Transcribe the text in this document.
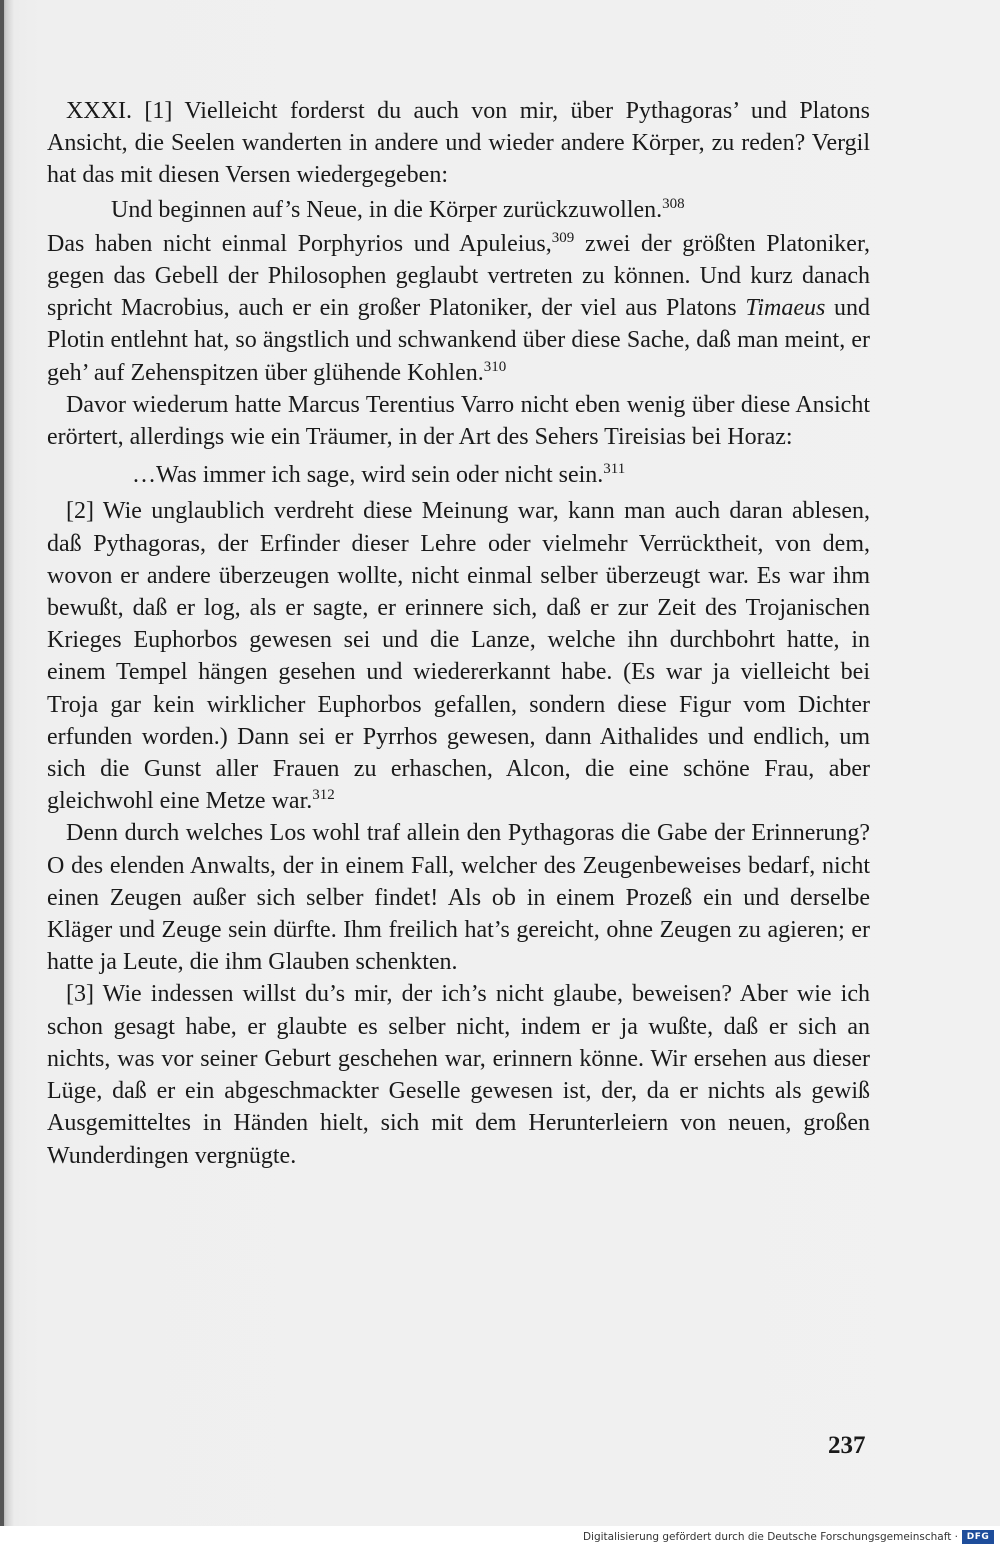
XXXI. [1] Vielleicht forderst du auch von mir, über Pythagoras’ und Platons Ansicht, die Seelen wanderten in andere und wieder andere Körper, zu reden? Vergil hat das mit diesen Versen wiedergegeben:

Und beginnen auf’s Neue, in die Körper zurückzuwollen.$^{308}$

Das haben nicht einmal Porphyrios und Apuleius,$^{309}$ zwei der größten Platoniker, gegen das Gebell der Philosophen geglaubt vertreten zu können. Und kurz danach spricht Macrobius, auch er ein großer Platoniker, der viel aus Platons Timaeus und Plotin entlehnt hat, so ängstlich und schwankend über diese Sache, daß man meint, er geh’ auf Zehenspitzen über glühende Kohlen.$^{310}$

Davor wiederum hatte Marcus Terentius Varro nicht eben wenig über diese Ansicht erörtert, allerdings wie ein Träumer, in der Art des Sehers Tireisias bei Horaz:

…Was immer ich sage, wird sein oder nicht sein.$^{311}$

[2] Wie unglaublich verdreht diese Meinung war, kann man auch daran ablesen, daß Pythagoras, der Erfinder dieser Lehre oder vielmehr Verrücktheit, von dem, wovon er andere überzeugen wollte, nicht einmal selber überzeugt war. Es war ihm bewußt, daß er log, als er sagte, er erinnere sich, daß er zur Zeit des Trojanischen Krieges Euphorbos gewesen sei und die Lanze, welche ihn durchbohrt hatte, in einem Tempel hängen gesehen und wiedererkannt habe. (Es war ja vielleicht bei Troja gar kein wirklicher Euphorbos gefallen, sondern diese Figur vom Dichter erfunden worden.) Dann sei er Pyrrhos gewesen, dann Aithalides und endlich, um sich die Gunst aller Frauen zu erhaschen, Alcon, die eine schöne Frau, aber gleichwohl eine Metze war.$^{312}$

Denn durch welches Los wohl traf allein den Pythagoras die Gabe der Erinnerung? O des elenden Anwalts, der in einem Fall, welcher des Zeugenbeweises bedarf, nicht einen Zeugen außer sich selber findet! Als ob in einem Prozeß ein und derselbe Kläger und Zeuge sein dürfte. Ihm freilich hat’s gereicht, ohne Zeugen zu agieren; er hatte ja Leute, die ihm Glauben schenkten.

[3] Wie indessen willst du’s mir, der ich’s nicht glaube, beweisen? Aber wie ich schon gesagt habe, er glaubte es selber nicht, indem er ja wußte, daß er sich an nichts, was vor seiner Geburt geschehen war, erinnern könne. Wir ersehen aus dieser Lüge, daß er ein abgeschmackter Geselle gewesen ist, der, da er nichts als gewiß Ausgemitteltes in Händen hielt, sich mit dem Herunterleiern von neuen, großen Wunderdingen vergnügte.

237
Digitalisierung gefördert durch die Deutsche Forschungsgemeinschaft · DFG
